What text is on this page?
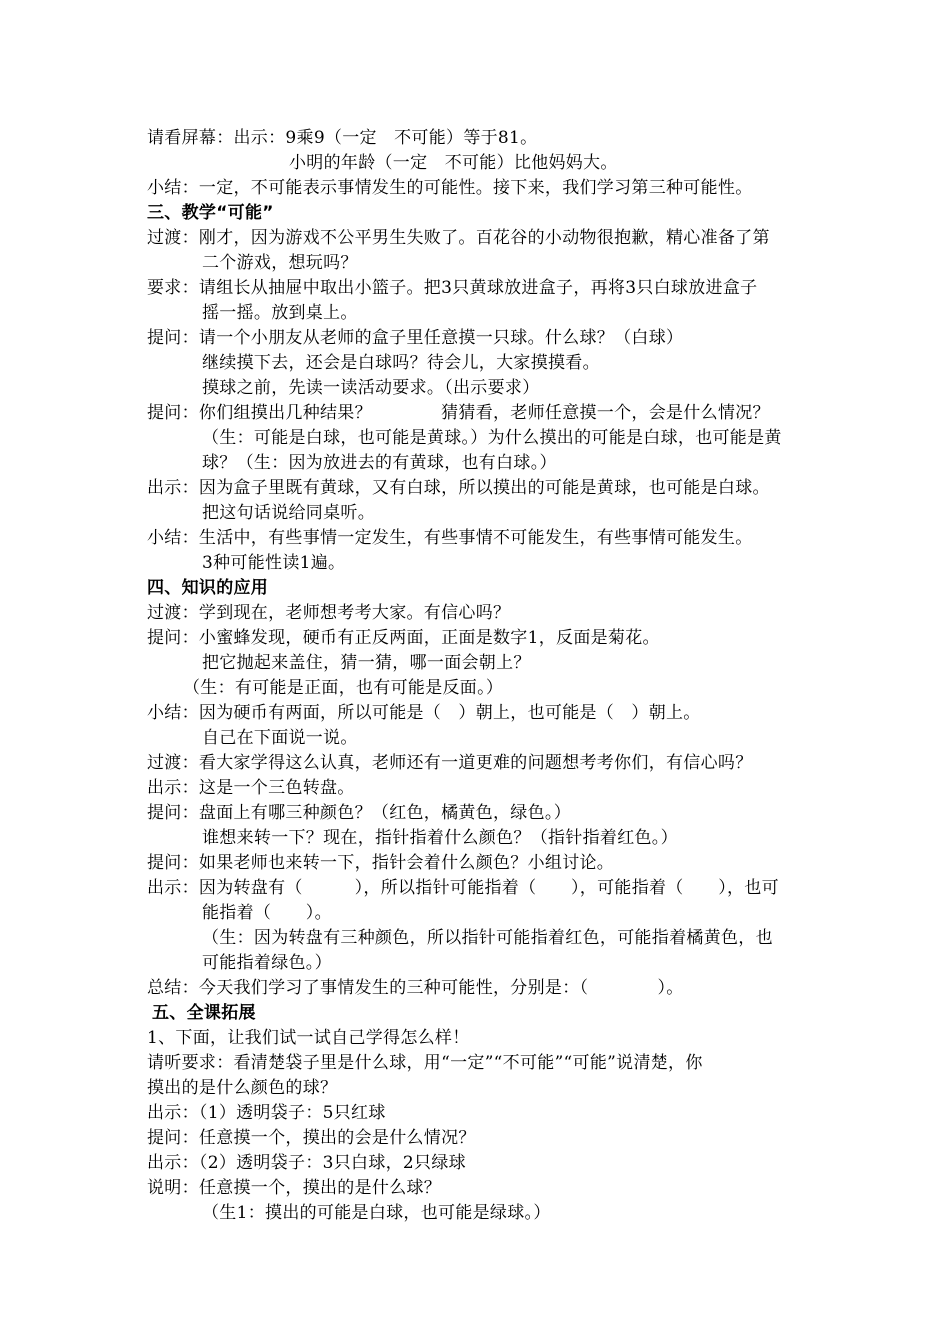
请看屏幕：出示：9乘9（一定　不可能）等于81。
小明的年龄（一定　不可能）比他妈妈大。
小结：一定，不可能表示事情发生的可能性。接下来，我们学习第三种可能性。
三、教学“可能”
过渡：刚才，因为游戏不公平男生失败了。百花谷的小动物很抱歉，精心准备了第
二个游戏，想玩吗？
要求：请组长从抽屉中取出小篮子。把3只黄球放进盒子，再将3只白球放进盒子
摇一摇。放到桌上。
提问：请一个小朋友从老师的盒子里任意摸一只球。什么球？（白球）
继续摸下去，还会是白球吗？待会儿，大家摸摸看。
摸球之前，先读一读活动要求。（出示要求）
提问：你们组摸出几种结果？　　　　猜猜看，老师任意摸一个，会是什么情况？
（生：可能是白球，也可能是黄球。）为什么摸出的可能是白球，也可能是黄
球？（生：因为放进去的有黄球，也有白球。）
出示：因为盒子里既有黄球，又有白球，所以摸出的可能是黄球，也可能是白球。
把这句话说给同桌听。
小结：生活中，有些事情一定发生，有些事情不可能发生，有些事情可能发生。
3种可能性读1遍。
四、知识的应用
过渡：学到现在，老师想考考大家。有信心吗？
提问：小蜜蜂发现，硬币有正反两面，正面是数字1，反面是菊花。
把它抛起来盖住，猜一猜，哪一面会朝上？
（生：有可能是正面，也有可能是反面。）
小结：因为硬币有两面，所以可能是（　）朝上，也可能是（　）朝上。
自己在下面说一说。
过渡：看大家学得这么认真，老师还有一道更难的问题想考考你们，有信心吗？
出示：这是一个三色转盘。
提问：盘面上有哪三种颜色？（红色，橘黄色，绿色。）
谁想来转一下？现在，指针指着什么颜色？（指针指着红色。）
提问：如果老师也来转一下，指针会着什么颜色？小组讨论。
出示：因为转盘有（　　　），所以指针可能指着（　　），可能指着（　　），也可
能指着（　　）。
（生：因为转盘有三种颜色，所以指针可能指着红色，可能指着橘黄色，也
可能指着绿色。）
总结：今天我们学习了事情发生的三种可能性，分别是：（　　　　）。
五、全课拓展
1、下面，让我们试一试自己学得怎么样！
请听要求：看清楚袋子里是什么球，用“一定”“不可能”“可能”说清楚，你
摸出的是什么颜色的球？
出示：（1）透明袋子：5只红球
提问：任意摸一个，摸出的会是什么情况？
出示：（2）透明袋子：3只白球，2只绿球
说明：任意摸一个，摸出的是什么球？
（生1：摸出的可能是白球，也可能是绿球。）
